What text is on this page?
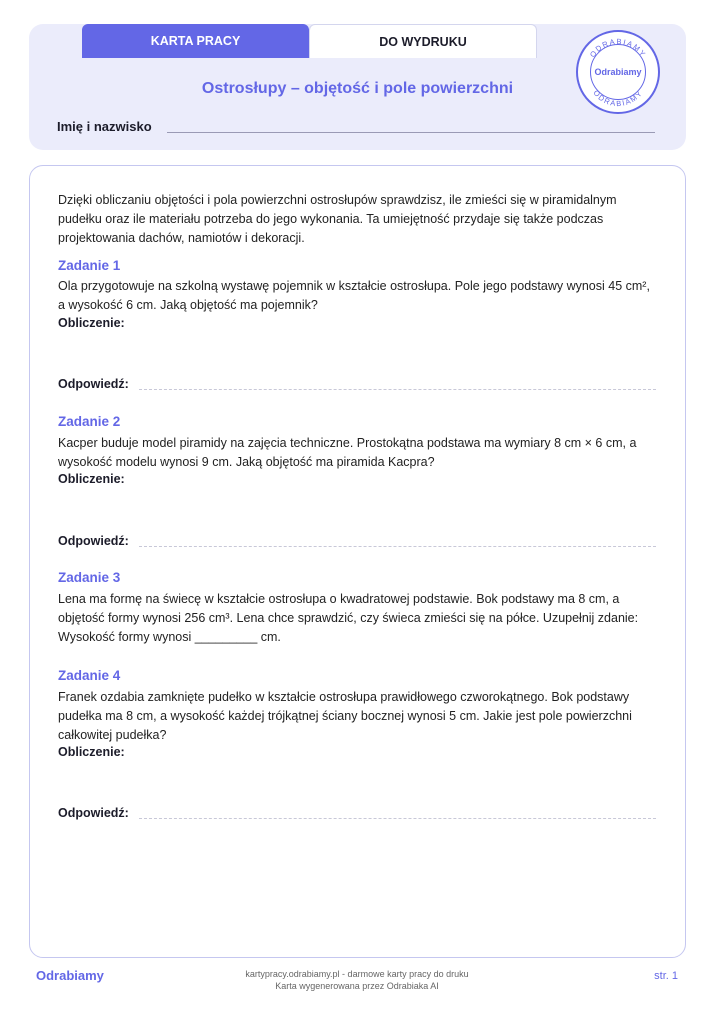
KARTA PRACY	DO WYDRUKU
ODRABIAMY
ODRABIAMY
Odrabiamy
Ostrosłupy – objętość i pole powierzchni
Imię i nazwisko
Dzięki obliczaniu objętości i pola powierzchni ostrosłupów sprawdzisz, ile zmieści się w piramidalnym pudełku oraz ile materiału potrzeba do jego wykonania. Ta umiejętność przydaje się także podczas projektowania dachów, namiotów i dekoracji.
Zadanie 1
Ola przygotowuje na szkolną wystawę pojemnik w kształcie ostrosłupa. Pole jego podstawy wynosi 45 cm², a wysokość 6 cm. Jaką objętość ma pojemnik?
Obliczenie:
Odpowiedź:
Zadanie 2
Kacper buduje model piramidy na zajęcia techniczne. Prostokątna podstawa ma wymiary 8 cm × 6 cm, a wysokość modelu wynosi 9 cm. Jaką objętość ma piramida Kacpra?
Obliczenie:
Odpowiedź:
Zadanie 3
Lena ma formę na świecę w kształcie ostrosłupa o kwadratowej podstawie. Bok podstawy ma 8 cm, a objętość formy wynosi 256 cm³. Lena chce sprawdzić, czy świeca zmieści się na półce. Uzupełnij zdanie: Wysokość formy wynosi _________ cm.
Zadanie 4
Franek ozdabia zamknięte pudełko w kształcie ostrosłupa prawidłowego czworokątnego. Bok podstawy pudełka ma 8 cm, a wysokość każdej trójkątnej ściany bocznej wynosi 5 cm. Jakie jest pole powierzchni całkowitej pudełka?
Obliczenie:
Odpowiedź:
Odrabiamy	kartypracy.odrabiamy.pl - darmowe karty pracy do druku
Karta wygenerowana przez Odrabiaka AI
str. 1
